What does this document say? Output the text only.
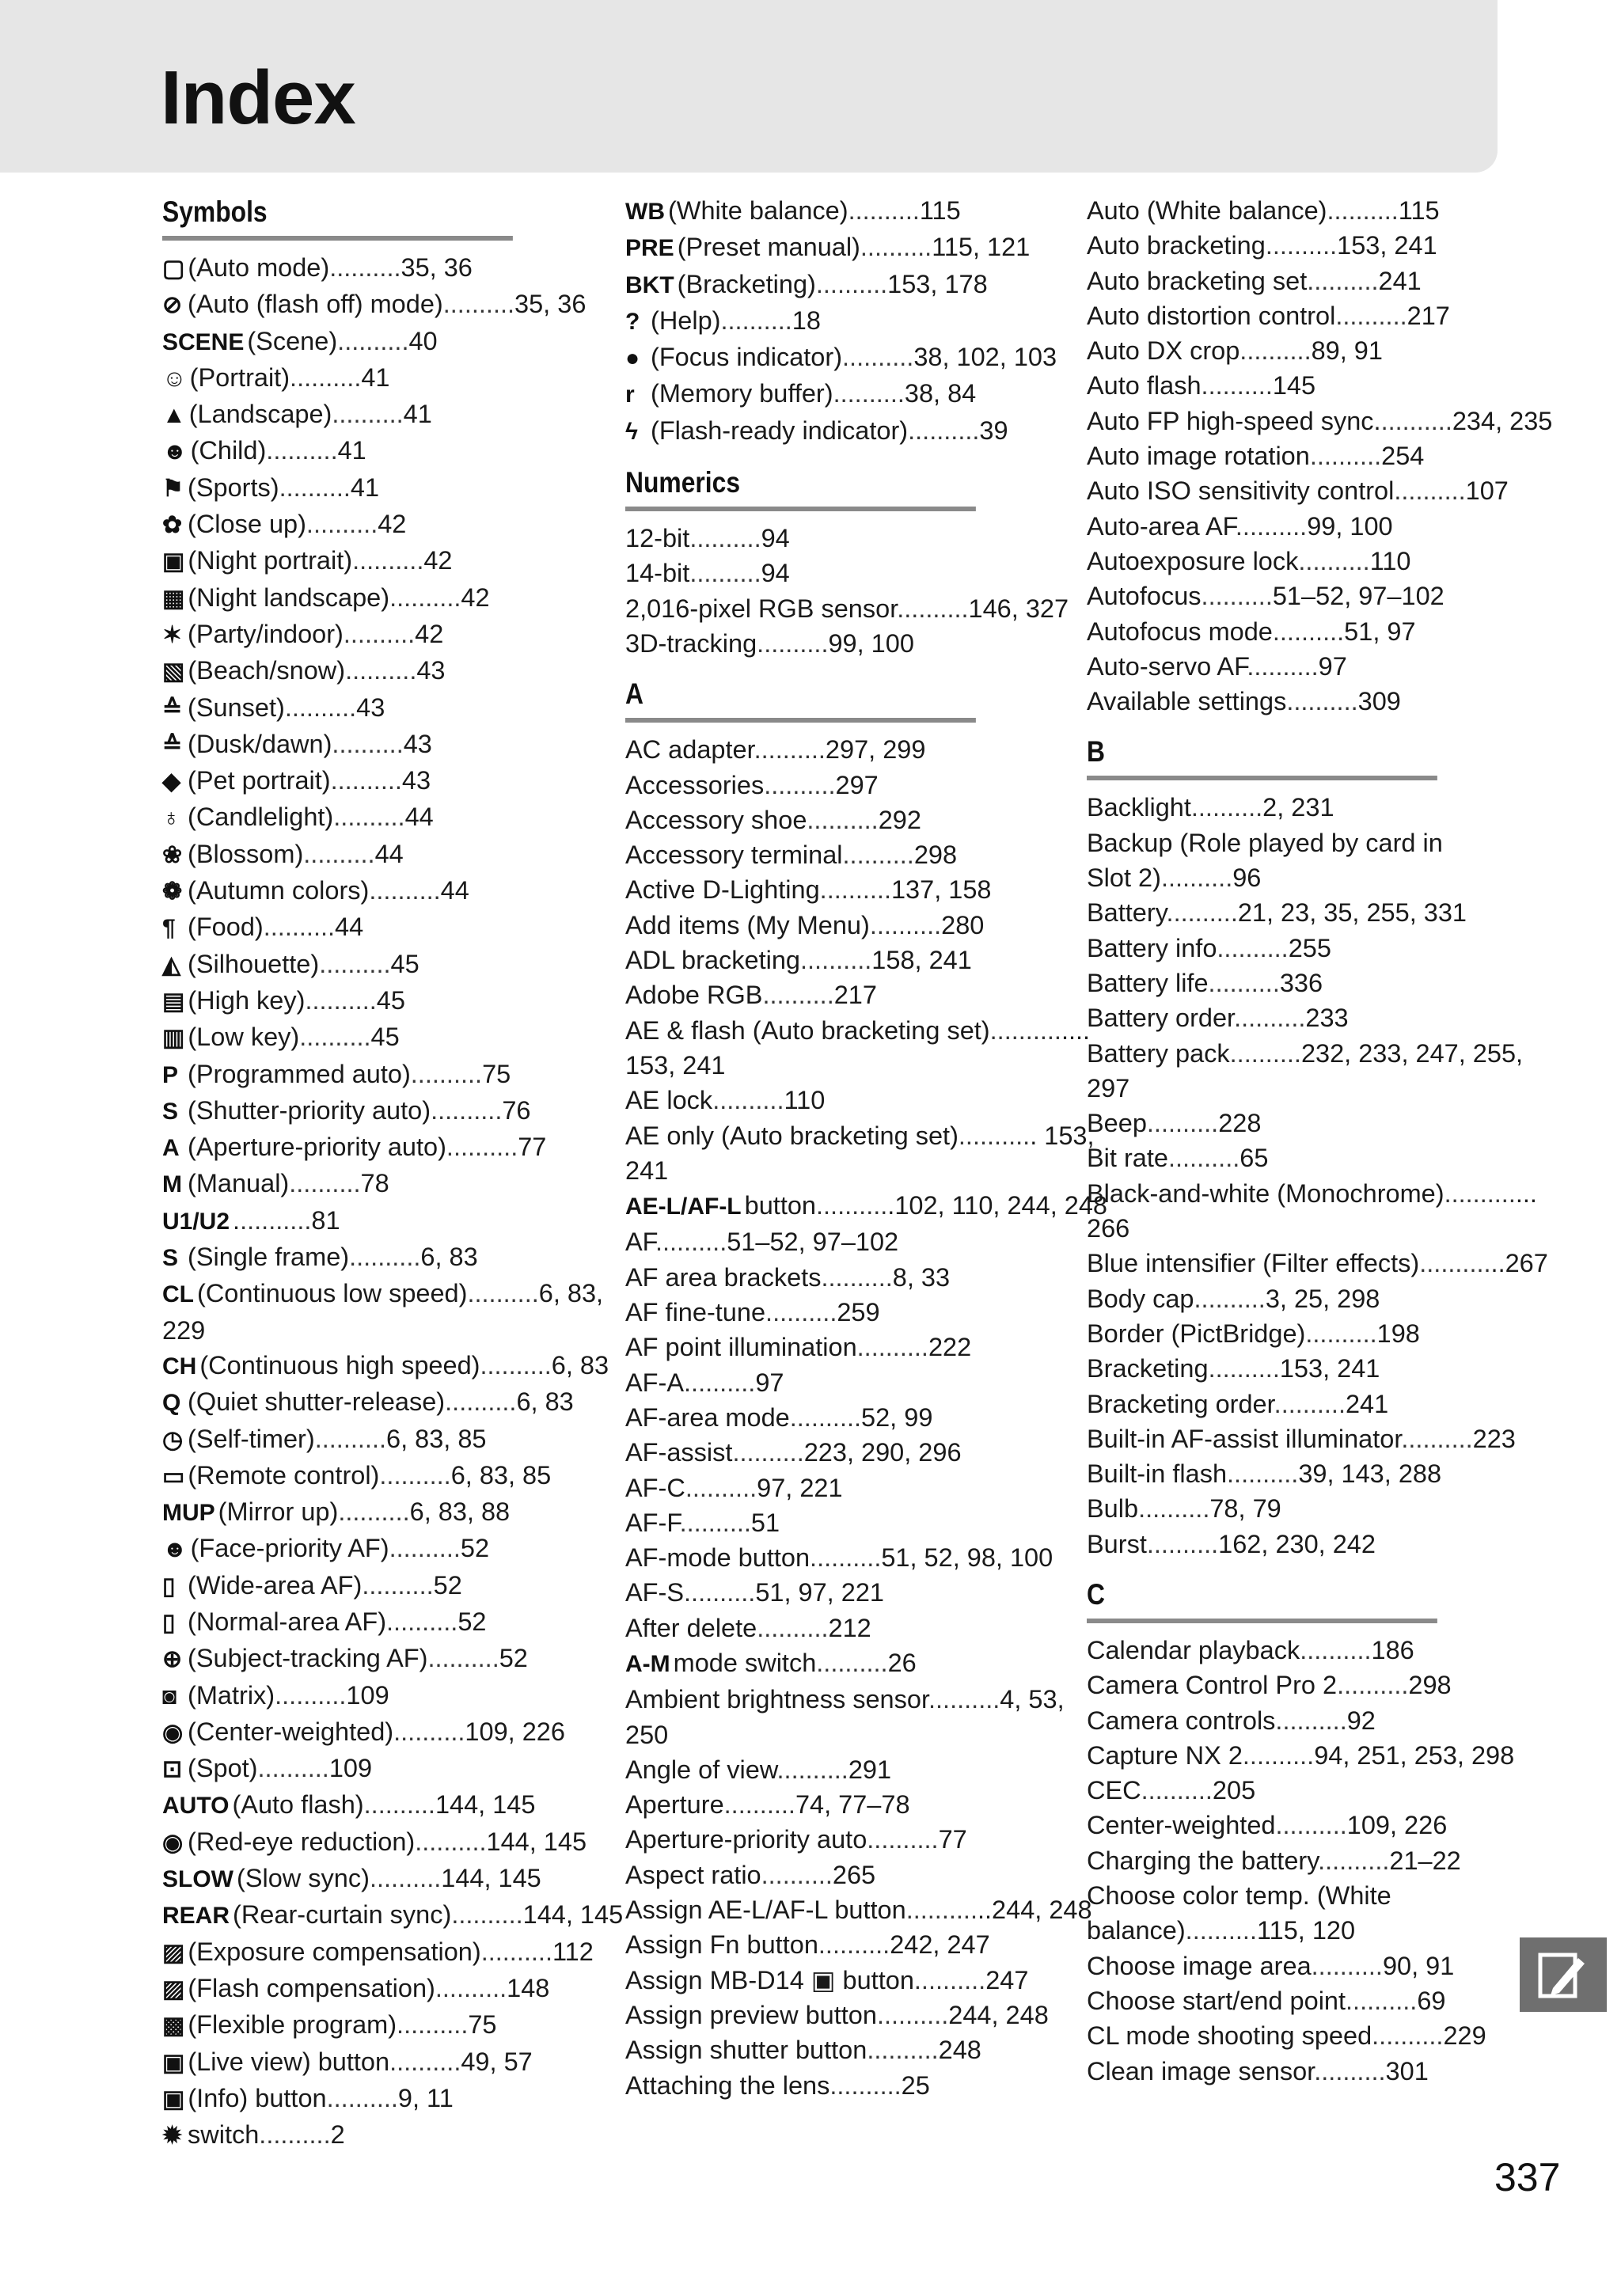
Index
Symbols
▢ (Auto mode)..........35, 36
⊘ (Auto (flash off) mode)..........35, 36
SCENE (Scene)..........40
☺ (Portrait)..........41
▲ (Landscape)..........41
☻ (Child)..........41
⚑ (Sports)..........41
✿ (Close up)..........42
▣ (Night portrait)..........42
▦ (Night landscape)..........42
✶ (Party/indoor)..........42
▧ (Beach/snow)..........43
≙ (Sunset)..........43
≙ (Dusk/dawn)..........43
◆ (Pet portrait)..........43
♁ (Candlelight)..........44
❀ (Blossom)..........44
❁ (Autumn colors)..........44
¶ (Food)..........44
◭ (Silhouette)..........45
▤ (High key)..........45
▥ (Low key)..........45
P (Programmed auto)..........75
S (Shutter-priority auto)..........76
A (Aperture-priority auto)..........77
M (Manual)..........78
U1/U2 ...........81
S (Single frame)..........6, 83
CL (Continuous low speed)..........6, 83,
229
CH (Continuous high speed)..........6, 83
Q (Quiet shutter-release)..........6, 83
◷ (Self-timer)..........6, 83, 85
▭ (Remote control)..........6, 83, 85
MUP (Mirror up)..........6, 83, 88
☻ (Face-priority AF)..........52
▯ (Wide-area AF)..........52
▯ (Normal-area AF)..........52
⊕ (Subject-tracking AF)..........52
◙ (Matrix)..........109
◉ (Center-weighted)..........109, 226
⊡ (Spot)..........109
AUTO (Auto flash)..........144, 145
◉ (Red-eye reduction)..........144, 145
SLOW (Slow sync)..........144, 145
REAR (Rear-curtain sync)..........144, 145
▨ (Exposure compensation)..........112
▨ (Flash compensation)..........148
▩ (Flexible program)..........75
▣ (Live view) button..........49, 57
▣ (Info) button..........9, 11
✹ switch..........2
WB (White balance)..........115
PRE (Preset manual)..........115, 121
BKT (Bracketing)..........153, 178
? (Help)..........18
● (Focus indicator)..........38, 102, 103
r (Memory buffer)..........38, 84
ϟ (Flash-ready indicator)..........39
Numerics
12-bit..........94
14-bit..........94
2,016-pixel RGB sensor..........146, 327
3D-tracking..........99, 100
A
AC adapter..........297, 299
Accessories..........297
Accessory shoe..........292
Accessory terminal..........298
Active D-Lighting..........137, 158
Add items (My Menu)..........280
ADL bracketing..........158, 241
Adobe RGB..........217
AE & flash (Auto bracketing set)..............
153, 241
AE lock..........110
AE only (Auto bracketing set)........... 153,
241
AE-L/AF-L button...........102, 110, 244, 248
AF..........51–52, 97–102
AF area brackets..........8, 33
AF fine-tune..........259
AF point illumination..........222
AF-A..........97
AF-area mode..........52, 99
AF-assist..........223, 290, 296
AF-C..........97, 221
AF-F..........51
AF-mode button..........51, 52, 98, 100
AF-S..........51, 97, 221
After delete..........212
A-M mode switch..........26
Ambient brightness sensor..........4, 53,
250
Angle of view..........291
Aperture..........74, 77–78
Aperture-priority auto..........77
Aspect ratio..........265
Assign AE-L/AF-L button............244, 248
Assign Fn button..........242, 247
Assign MB-D14 ▣ button..........247
Assign preview button..........244, 248
Assign shutter button..........248
Attaching the lens..........25
Auto (White balance)..........115
Auto bracketing..........153, 241
Auto bracketing set..........241
Auto distortion control..........217
Auto DX crop..........89, 91
Auto flash..........145
Auto FP high-speed sync...........234, 235
Auto image rotation..........254
Auto ISO sensitivity control..........107
Auto-area AF..........99, 100
Autoexposure lock..........110
Autofocus..........51–52, 97–102
Autofocus mode..........51, 97
Auto-servo AF..........97
Available settings..........309
B
Backlight..........2, 231
Backup (Role played by card in
Slot 2)..........96
Battery..........21, 23, 35, 255, 331
Battery info..........255
Battery life..........336
Battery order..........233
Battery pack..........232, 233, 247, 255,
297
Beep..........228
Bit rate..........65
Black-and-white (Monochrome).............
266
Blue intensifier (Filter effects)............267
Body cap..........3, 25, 298
Border (PictBridge)..........198
Bracketing..........153, 241
Bracketing order..........241
Built-in AF-assist illuminator..........223
Built-in flash..........39, 143, 288
Bulb..........78, 79
Burst..........162, 230, 242
C
Calendar playback..........186
Camera Control Pro 2..........298
Camera controls..........92
Capture NX 2..........94, 251, 253, 298
CEC..........205
Center-weighted..........109, 226
Charging the battery..........21–22
Choose color temp. (White
balance)..........115, 120
Choose image area..........90, 91
Choose start/end point..........69
CL mode shooting speed..........229
Clean image sensor..........301
337
